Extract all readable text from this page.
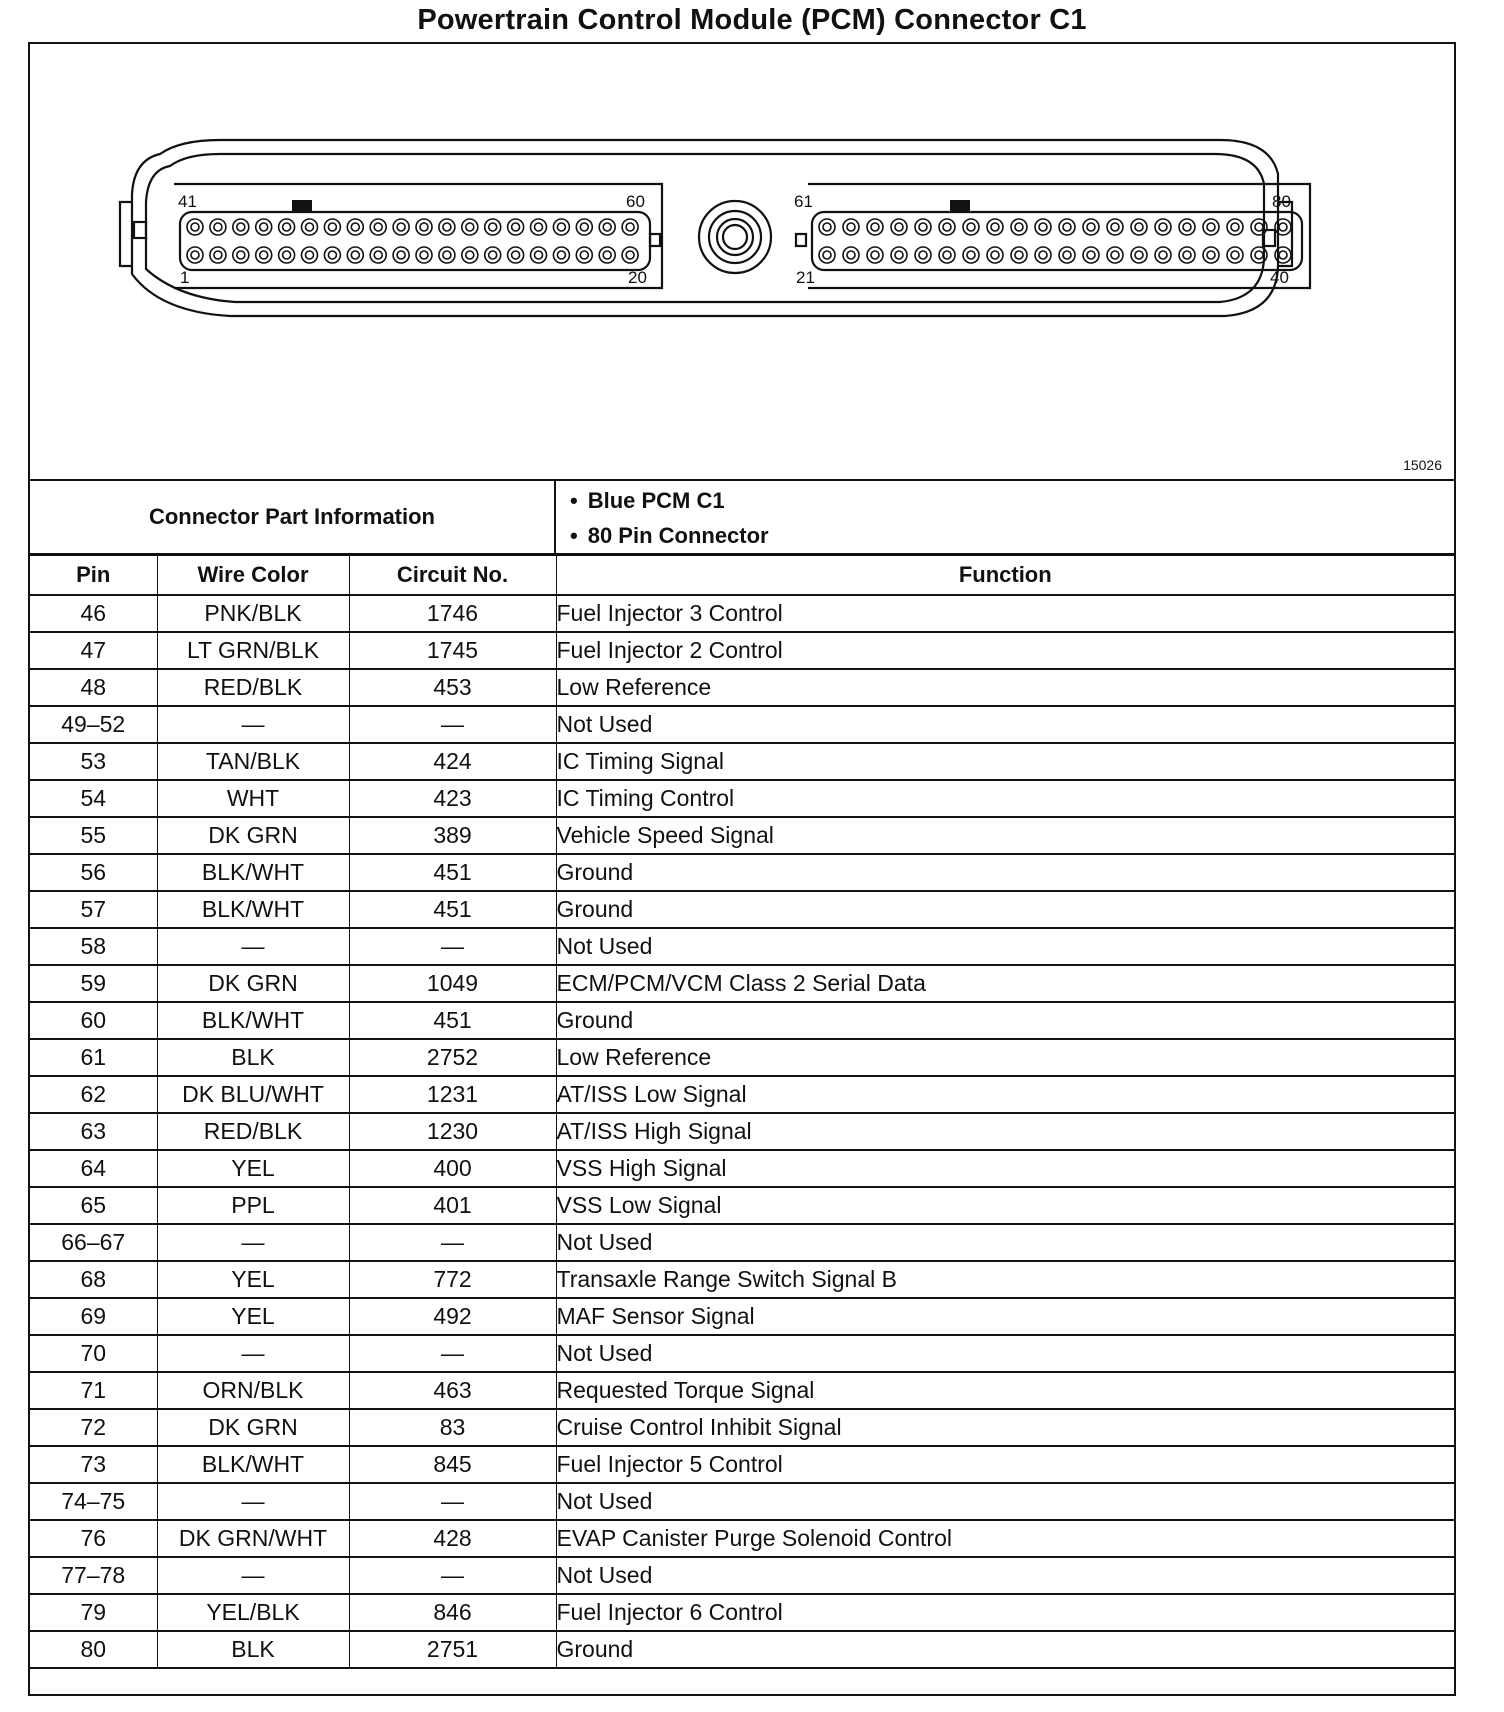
Powertrain Control Module (PCM) Connector C1
41	60
1	20
61	80
21	40
15026
Connector Part Information
• Blue PCM C1
• 80 Pin Connector
Pin	Wire Color	Circuit No.	Function
46	PNK/BLK	1746	Fuel Injector 3 Control
47	LT GRN/BLK	1745	Fuel Injector 2 Control
48	RED/BLK	453	Low Reference
49–52	—	—	Not Used
53	TAN/BLK	424	IC Timing Signal
54	WHT	423	IC Timing Control
55	DK GRN	389	Vehicle Speed Signal
56	BLK/WHT	451	Ground
57	BLK/WHT	451	Ground
58	—	—	Not Used
59	DK GRN	1049	ECM/PCM/VCM Class 2 Serial Data
60	BLK/WHT	451	Ground
61	BLK	2752	Low Reference
62	DK BLU/WHT	1231	AT/ISS Low Signal
63	RED/BLK	1230	AT/ISS High Signal
64	YEL	400	VSS High Signal
65	PPL	401	VSS Low Signal
66–67	—	—	Not Used
68	YEL	772	Transaxle Range Switch Signal B
69	YEL	492	MAF Sensor Signal
70	—	—	Not Used
71	ORN/BLK	463	Requested Torque Signal
72	DK GRN	83	Cruise Control Inhibit Signal
73	BLK/WHT	845	Fuel Injector 5 Control
74–75	—	—	Not Used
76	DK GRN/WHT	428	EVAP Canister Purge Solenoid Control
77–78	—	—	Not Used
79	YEL/BLK	846	Fuel Injector 6 Control
80	BLK	2751	Ground
